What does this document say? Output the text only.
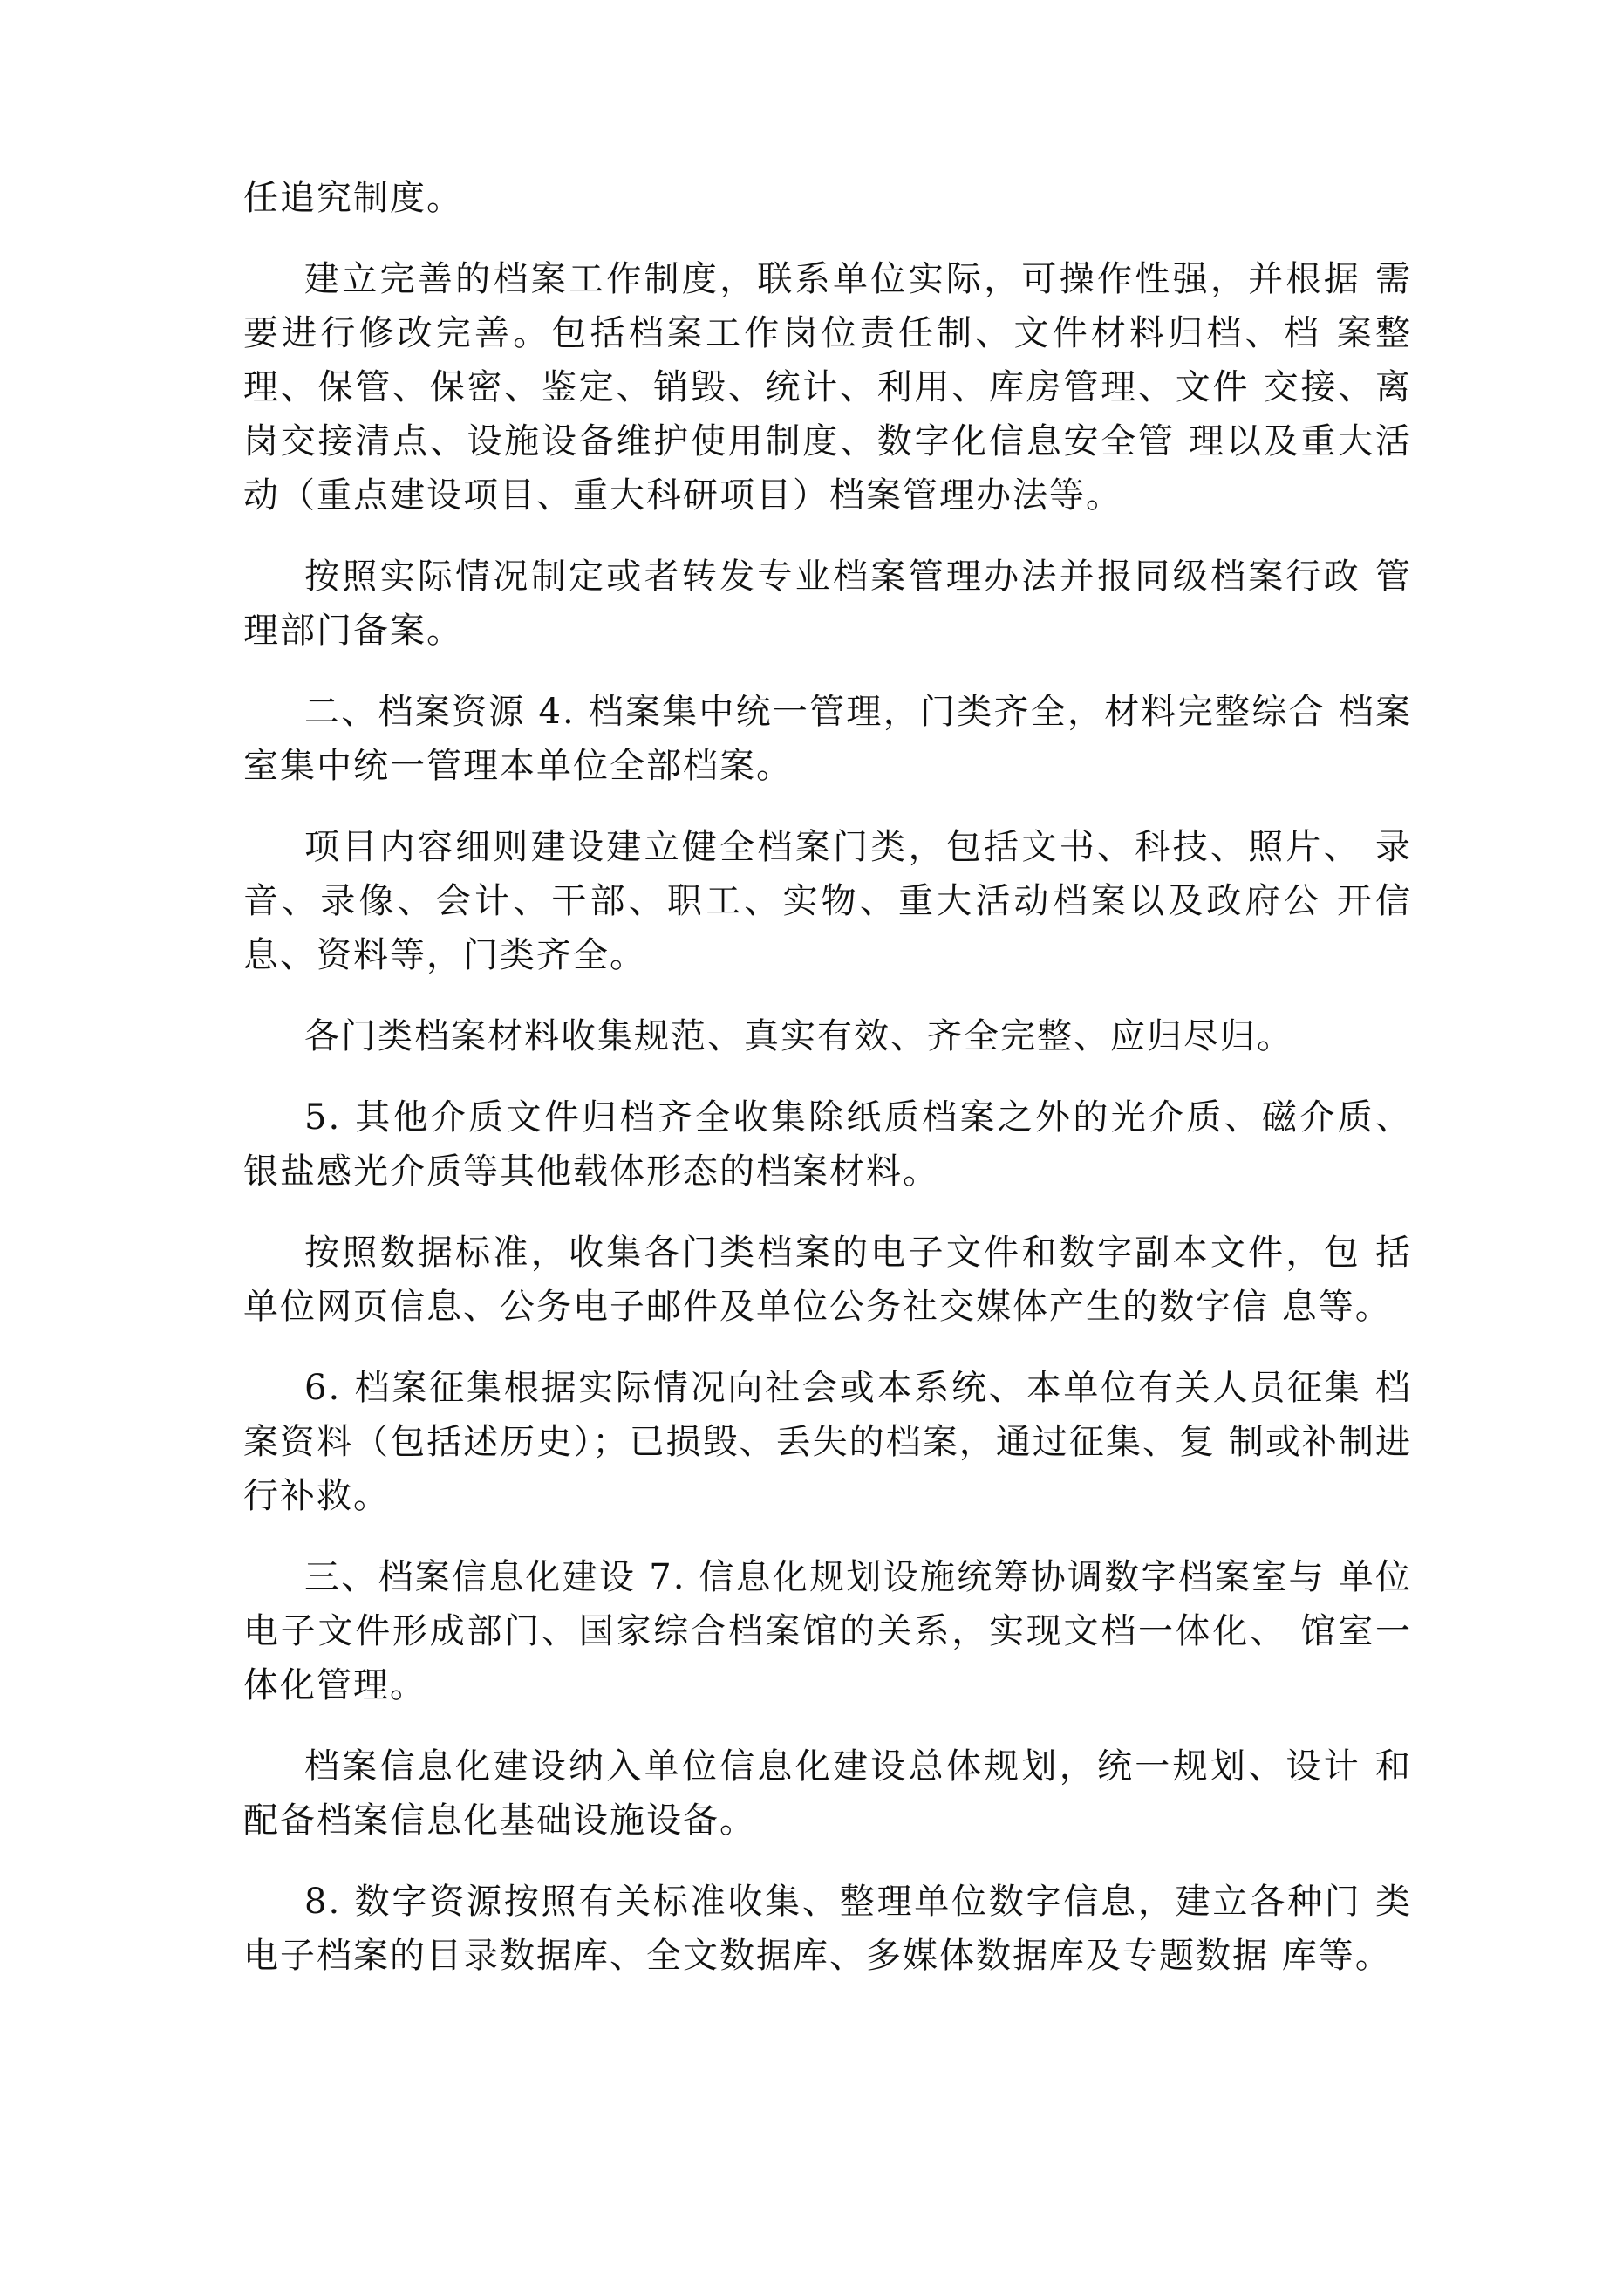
任追究制度。

建立完善的档案工作制度，联系单位实际，可操作性强，并根据 需要进行修改完善。包括档案工作岗位责任制、文件材料归档、档 案整理、保管、保密、鉴定、销毁、统计、利用、库房管理、文件 交接、离岗交接清点、设施设备维护使用制度、数字化信息安全管 理以及重大活动（重点建设项目、重大科研项目）档案管理办法等。

按照实际情况制定或者转发专业档案管理办法并报同级档案行政 管理部门备案。

二、档案资源 4. 档案集中统一管理，门类齐全，材料完整综合 档案室集中统一管理本单位全部档案。

项目内容细则建设建立健全档案门类，包括文书、科技、照片、 录音、录像、会计、干部、职工、实物、重大活动档案以及政府公 开信息、资料等，门类齐全。

各门类档案材料收集规范、真实有效、齐全完整、应归尽归。

5. 其他介质文件归档齐全收集除纸质档案之外的光介质、磁介质、 银盐感光介质等其他载体形态的档案材料。

按照数据标准，收集各门类档案的电子文件和数字副本文件，包 括单位网页信息、公务电子邮件及单位公务社交媒体产生的数字信 息等。

6. 档案征集根据实际情况向社会或本系统、本单位有关人员征集 档案资料（包括述历史）；已损毁、丢失的档案，通过征集、复 制或补制进行补救。

三、档案信息化建设 7. 信息化规划设施统筹协调数字档案室与 单位电子文件形成部门、国家综合档案馆的关系，实现文档一体化、 馆室一体化管理。

档案信息化建设纳入单位信息化建设总体规划，统一规划、设计 和配备档案信息化基础设施设备。

8. 数字资源按照有关标准收集、整理单位数字信息，建立各种门 类电子档案的目录数据库、全文数据库、多媒体数据库及专题数据 库等。
